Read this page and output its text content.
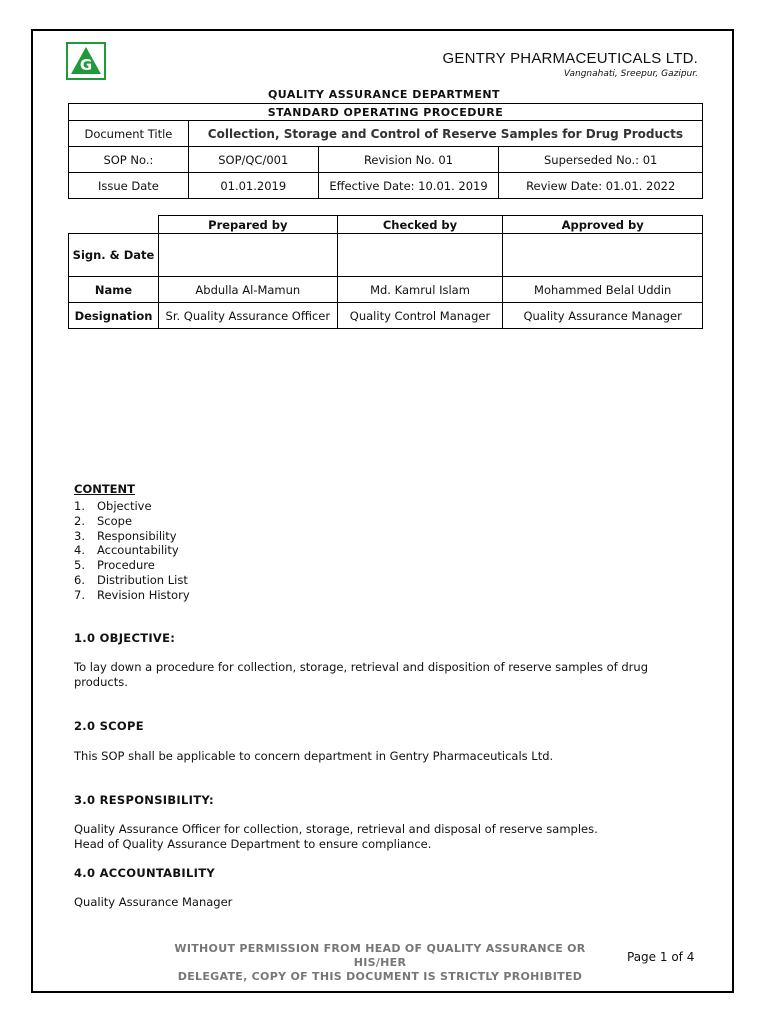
G	GENTRY PHARMACEUTICALS LTD.
Vangnahati, Sreepur, Gazipur.
QUALITY ASSURANCE DEPARTMENT
STANDARD OPERATING PROCEDURE			
Document Title	Collection, Storage and Control of Reserve Samples for Drug Products		
SOP No.:	SOP/QC/001	Revision No. 01	Superseded No.: 01
Issue Date	01.01.2019	Effective Date: 10.01. 2019	Review Date: 01.01. 2022
	Prepared by	Checked by	Approved by
Sign. & Date			
Name	Abdulla Al-Mamun	Md. Kamrul Islam	Mohammed Belal Uddin
Designation	Sr. Quality Assurance Officer	Quality Control Manager	Quality Assurance Manager
CONTENT
1. Objective
2. Scope
3. Responsibility
4. Accountability
5. Procedure
6. Distribution List
7. Revision History
1.0 OBJECTIVE:
To lay down a procedure for collection, storage, retrieval and disposition of reserve samples of drug products.
2.0 SCOPE
This SOP shall be applicable to concern department in Gentry Pharmaceuticals Ltd.
3.0 RESPONSIBILITY:
Quality Assurance Officer for collection, storage, retrieval and disposal of reserve samples.
Head of Quality Assurance Department to ensure compliance.
4.0 ACCOUNTABILITY
Quality Assurance Manager
WITHOUT PERMISSION FROM HEAD OF QUALITY ASSURANCE OR HIS/HER
DELEGATE, COPY OF THIS DOCUMENT IS STRICTLY PROHIBITED
Page 1 of 4
